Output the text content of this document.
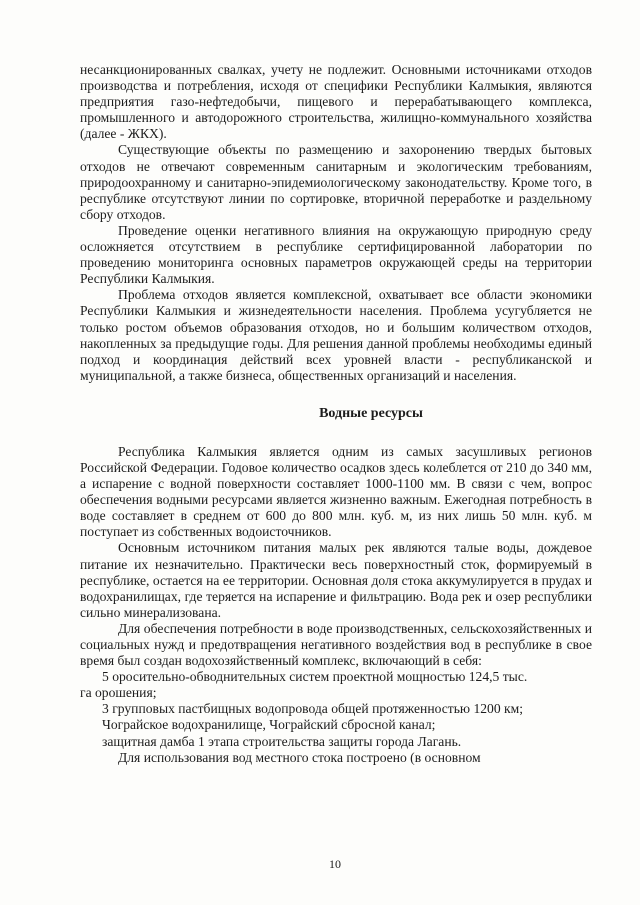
несанкционированных свалках, учету не подлежит. Основными источниками отходов производства и потребления, исходя от специфики Республики Калмыкия, являются предприятия газо-нефтедобычи, пищевого и перерабатывающего комплекса, промышленного и автодорожного строительства, жилищно-коммунального хозяйства (далее - ЖКХ).

Существующие объекты по размещению и захоронению твердых бытовых отходов не отвечают современным санитарным и экологическим требованиям, природоохранному и санитарно-эпидемиологическому законодательству. Кроме того, в республике отсутствуют линии по сортировке, вторичной переработке и раздельному сбору отходов.

Проведение оценки негативного влияния на окружающую природную среду осложняется отсутствием в республике сертифицированной лаборатории по проведению мониторинга основных параметров окружающей среды на территории Республики Калмыкия.

Проблема отходов является комплексной, охватывает все области экономики Республики Калмыкия и жизнедеятельности населения. Проблема усугубляется не только ростом объемов образования отходов, но и большим количеством отходов, накопленных за предыдущие годы. Для решения данной проблемы необходимы единый подход и координация действий всех уровней власти - республиканской и муниципальной, а также бизнеса, общественных организаций и населения.

Водные ресурсы

Республика Калмыкия является одним из самых засушливых регионов Российской Федерации. Годовое количество осадков здесь колеблется от 210 до 340 мм, а испарение с водной поверхности составляет 1000-1100 мм. В связи с чем, вопрос обеспечения водными ресурсами является жизненно важным. Ежегодная потребность в воде составляет в среднем от 600 до 800 млн. куб. м, из них лишь 50 млн. куб. м поступает из собственных водоисточников.

Основным источником питания малых рек являются талые воды, дождевое питание их незначительно. Практически весь поверхностный сток, формируемый в республике, остается на ее территории. Основная доля стока аккумулируется в прудах и водохранилищах, где теряется на испарение и фильтрацию. Вода рек и озер республики сильно минерализована.

Для обеспечения потребности в воде производственных, сельскохозяйственных и социальных нужд и предотвращения негативного воздействия вод в республике в свое время был создан водохозяйственный комплекс, включающий в себя:

5 оросительно-обводнительных систем проектной мощностью 124,5 тыс.

га орошения;

3 групповых пастбищных водопровода общей протяженностью 1200 км;

Чограйское водохранилище, Чограйский сбросной канал;

защитная дамба 1 этапа строительства защиты города Лагань.

Для использования вод местного стока построено (в основном

10
